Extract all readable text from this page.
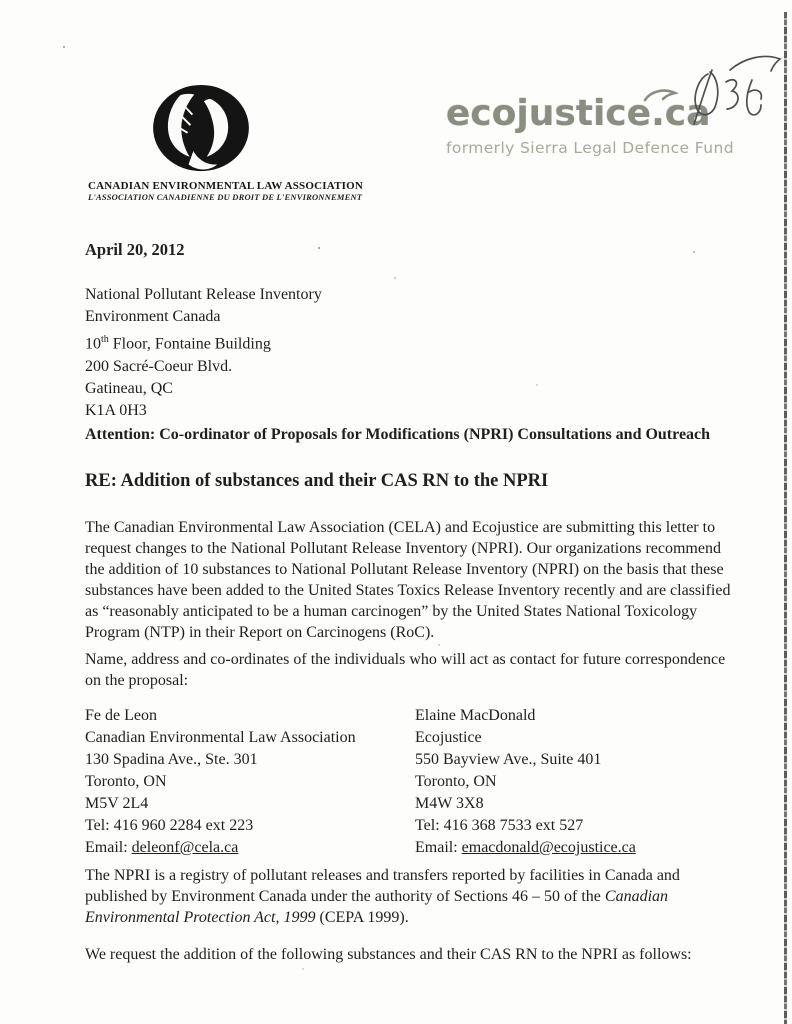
CANADIAN ENVIRONMENTAL LAW ASSOCIATION
L'ASSOCIATION CANADIENNE DU DROIT DE L'ENVIRONNEMENT
ecojustice.ca
formerly Sierra Legal Defence Fund
April 20, 2012
National Pollutant Release Inventory
Environment Canada
10th Floor, Fontaine Building
200 Sacré-Coeur Blvd.
Gatineau, QC
K1A 0H3
Attention: Co-ordinator of Proposals for Modifications (NPRI) Consultations and Outreach
RE: Addition of substances and their CAS RN to the NPRI

The Canadian Environmental Law Association (CELA) and Ecojustice are submitting this letter to request changes to the National Pollutant Release Inventory (NPRI). Our organizations recommend the addition of 10 substances to National Pollutant Release Inventory (NPRI) on the basis that these substances have been added to the United States Toxics Release Inventory recently and are classified as “reasonably anticipated to be a human carcinogen” by the United States National Toxicology Program (NTP) in their Report on Carcinogens (RoC).

Name, address and co-ordinates of the individuals who will act as contact for future correspondence on the proposal:

Fe de Leon
Canadian Environmental Law Association
130 Spadina Ave., Ste. 301
Toronto, ON
M5V 2L4
Tel: 416 960 2284 ext 223
Email: deleonf@cela.ca
Elaine MacDonald
Ecojustice
550 Bayview Ave., Suite 401
Toronto, ON
M4W 3X8
Tel: 416 368 7533 ext 527
Email: emacdonald@ecojustice.ca

The NPRI is a registry of pollutant releases and transfers reported by facilities in Canada and published by Environment Canada under the authority of Sections 46 – 50 of the Canadian Environmental Protection Act, 1999 (CEPA 1999).

We request the addition of the following substances and their CAS RN to the NPRI as follows:
